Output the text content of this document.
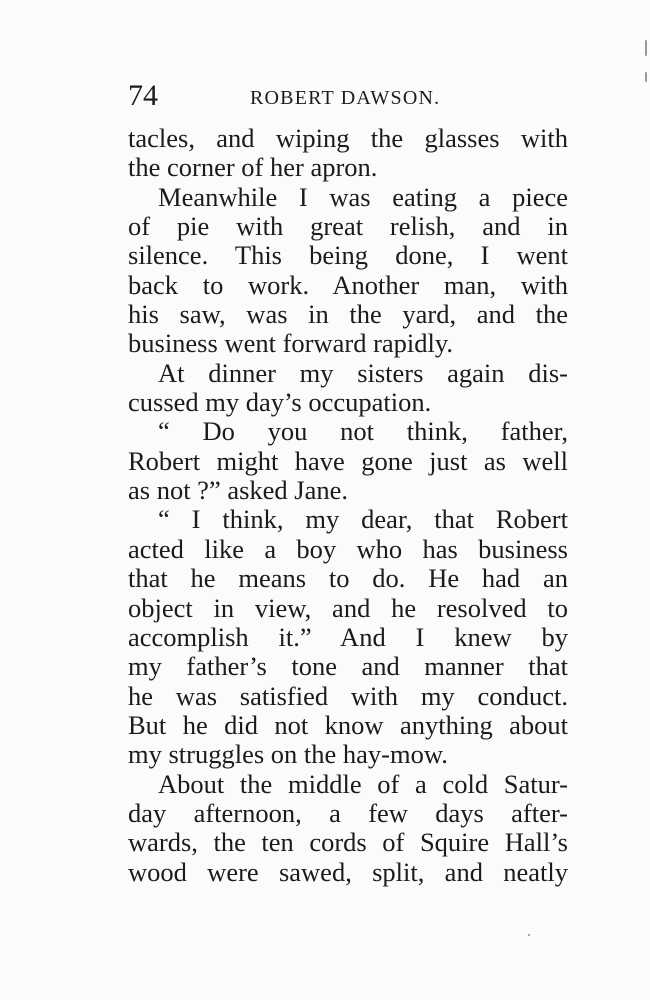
74	ROBERT DAWSON.
tacles, and wiping the glasses with
the corner of her apron.
Meanwhile I was eating a piece
of pie with great relish, and in
silence. This being done, I went
back to work. Another man, with
his saw, was in the yard, and the
business went forward rapidly.
At dinner my sisters again dis-
cussed my day’s occupation.
“ Do you not think, father,
Robert might have gone just as well
as not ?” asked Jane.
“ I think, my dear, that Robert
acted like a boy who has business
that he means to do. He had an
object in view, and he resolved to
accomplish it.” And I knew by
my father’s tone and manner that
he was satisfied with my conduct.
But he did not know anything about
my struggles on the hay-mow.
About the middle of a cold Satur-
day afternoon, a few days after-
wards, the ten cords of Squire Hall’s
wood were sawed, split, and neatly
